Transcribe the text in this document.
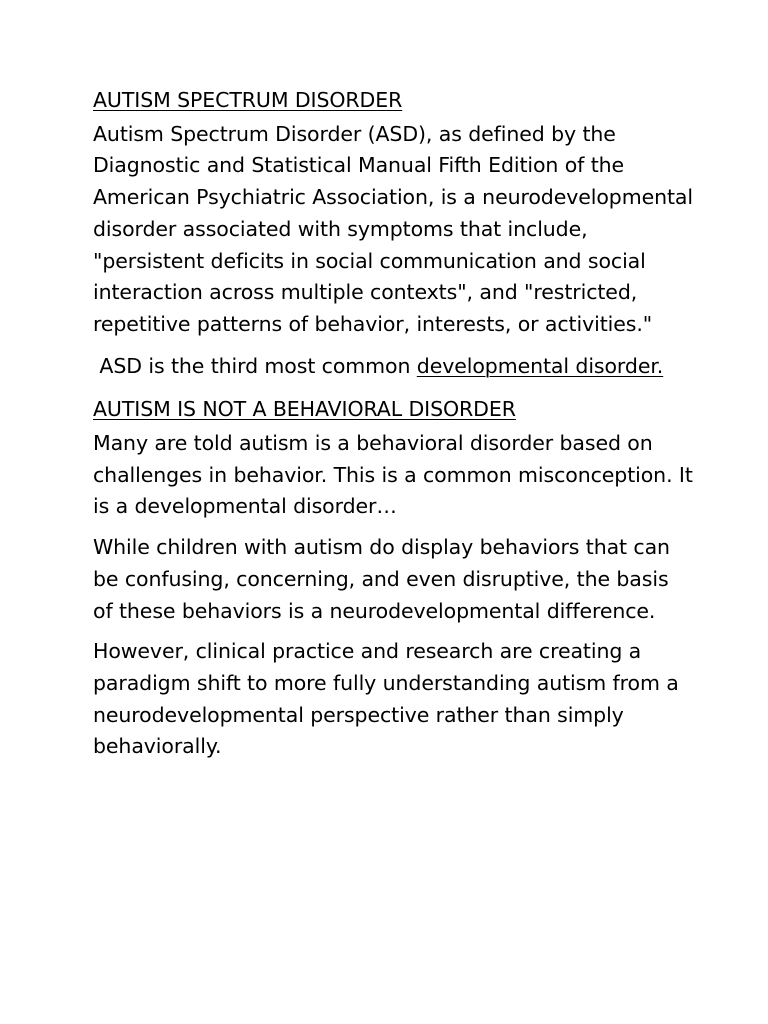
AUTISM SPECTRUM DISORDER

Autism Spectrum Disorder (ASD), as defined by the Diagnostic and Statistical Manual Fifth Edition of the American Psychiatric Association, is a neurodevelopmental disorder associated with symptoms that include, "persistent deficits in social communication and social interaction across multiple contexts", and "restricted, repetitive patterns of behavior, interests, or activities."

ASD is the third most common developmental disorder.

AUTISM IS NOT A BEHAVIORAL DISORDER

Many are told autism is a behavioral disorder based on challenges in behavior. This is a common misconception. It is a developmental disorder…

While children with autism do display behaviors that can be confusing, concerning, and even disruptive, the basis of these behaviors is a neurodevelopmental difference.

However, clinical practice and research are creating a paradigm shift to more fully understanding autism from a neurodevelopmental perspective rather than simply behaviorally.
